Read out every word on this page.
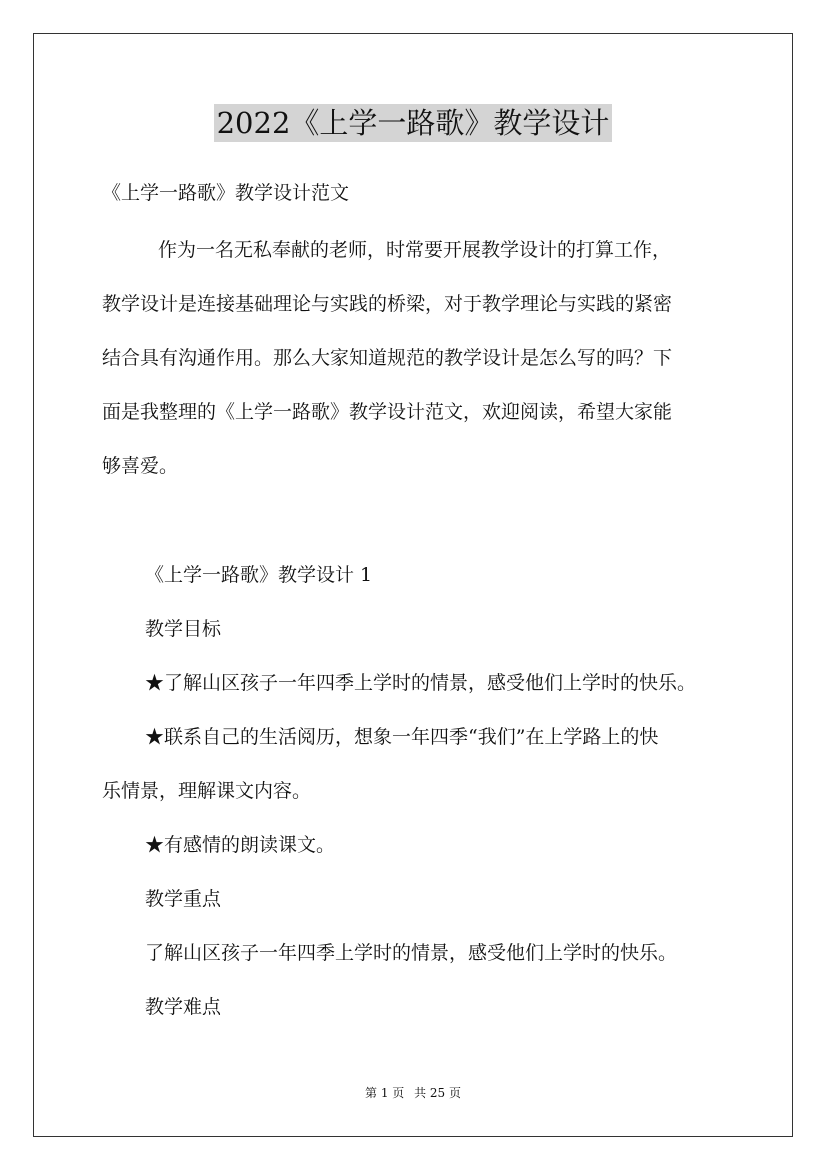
2022《上学一路歌》教学设计
《上学一路歌》教学设计范文
作为一名无私奉献的老师，时常要开展教学设计的打算工作，
教学设计是连接基础理论与实践的桥梁，对于教学理论与实践的紧密
结合具有沟通作用。那么大家知道规范的教学设计是怎么写的吗？下
面是我整理的《上学一路歌》教学设计范文，欢迎阅读，希望大家能
够喜爱。
《上学一路歌》教学设计 1
教学目标
★了解山区孩子一年四季上学时的情景，感受他们上学时的快乐。
★联系自己的生活阅历，想象一年四季“我们”在上学路上的快
乐情景，理解课文内容。
★有感情的朗读课文。
教学重点
了解山区孩子一年四季上学时的情景，感受他们上学时的快乐。
教学难点
第 1 页 共 25 页
